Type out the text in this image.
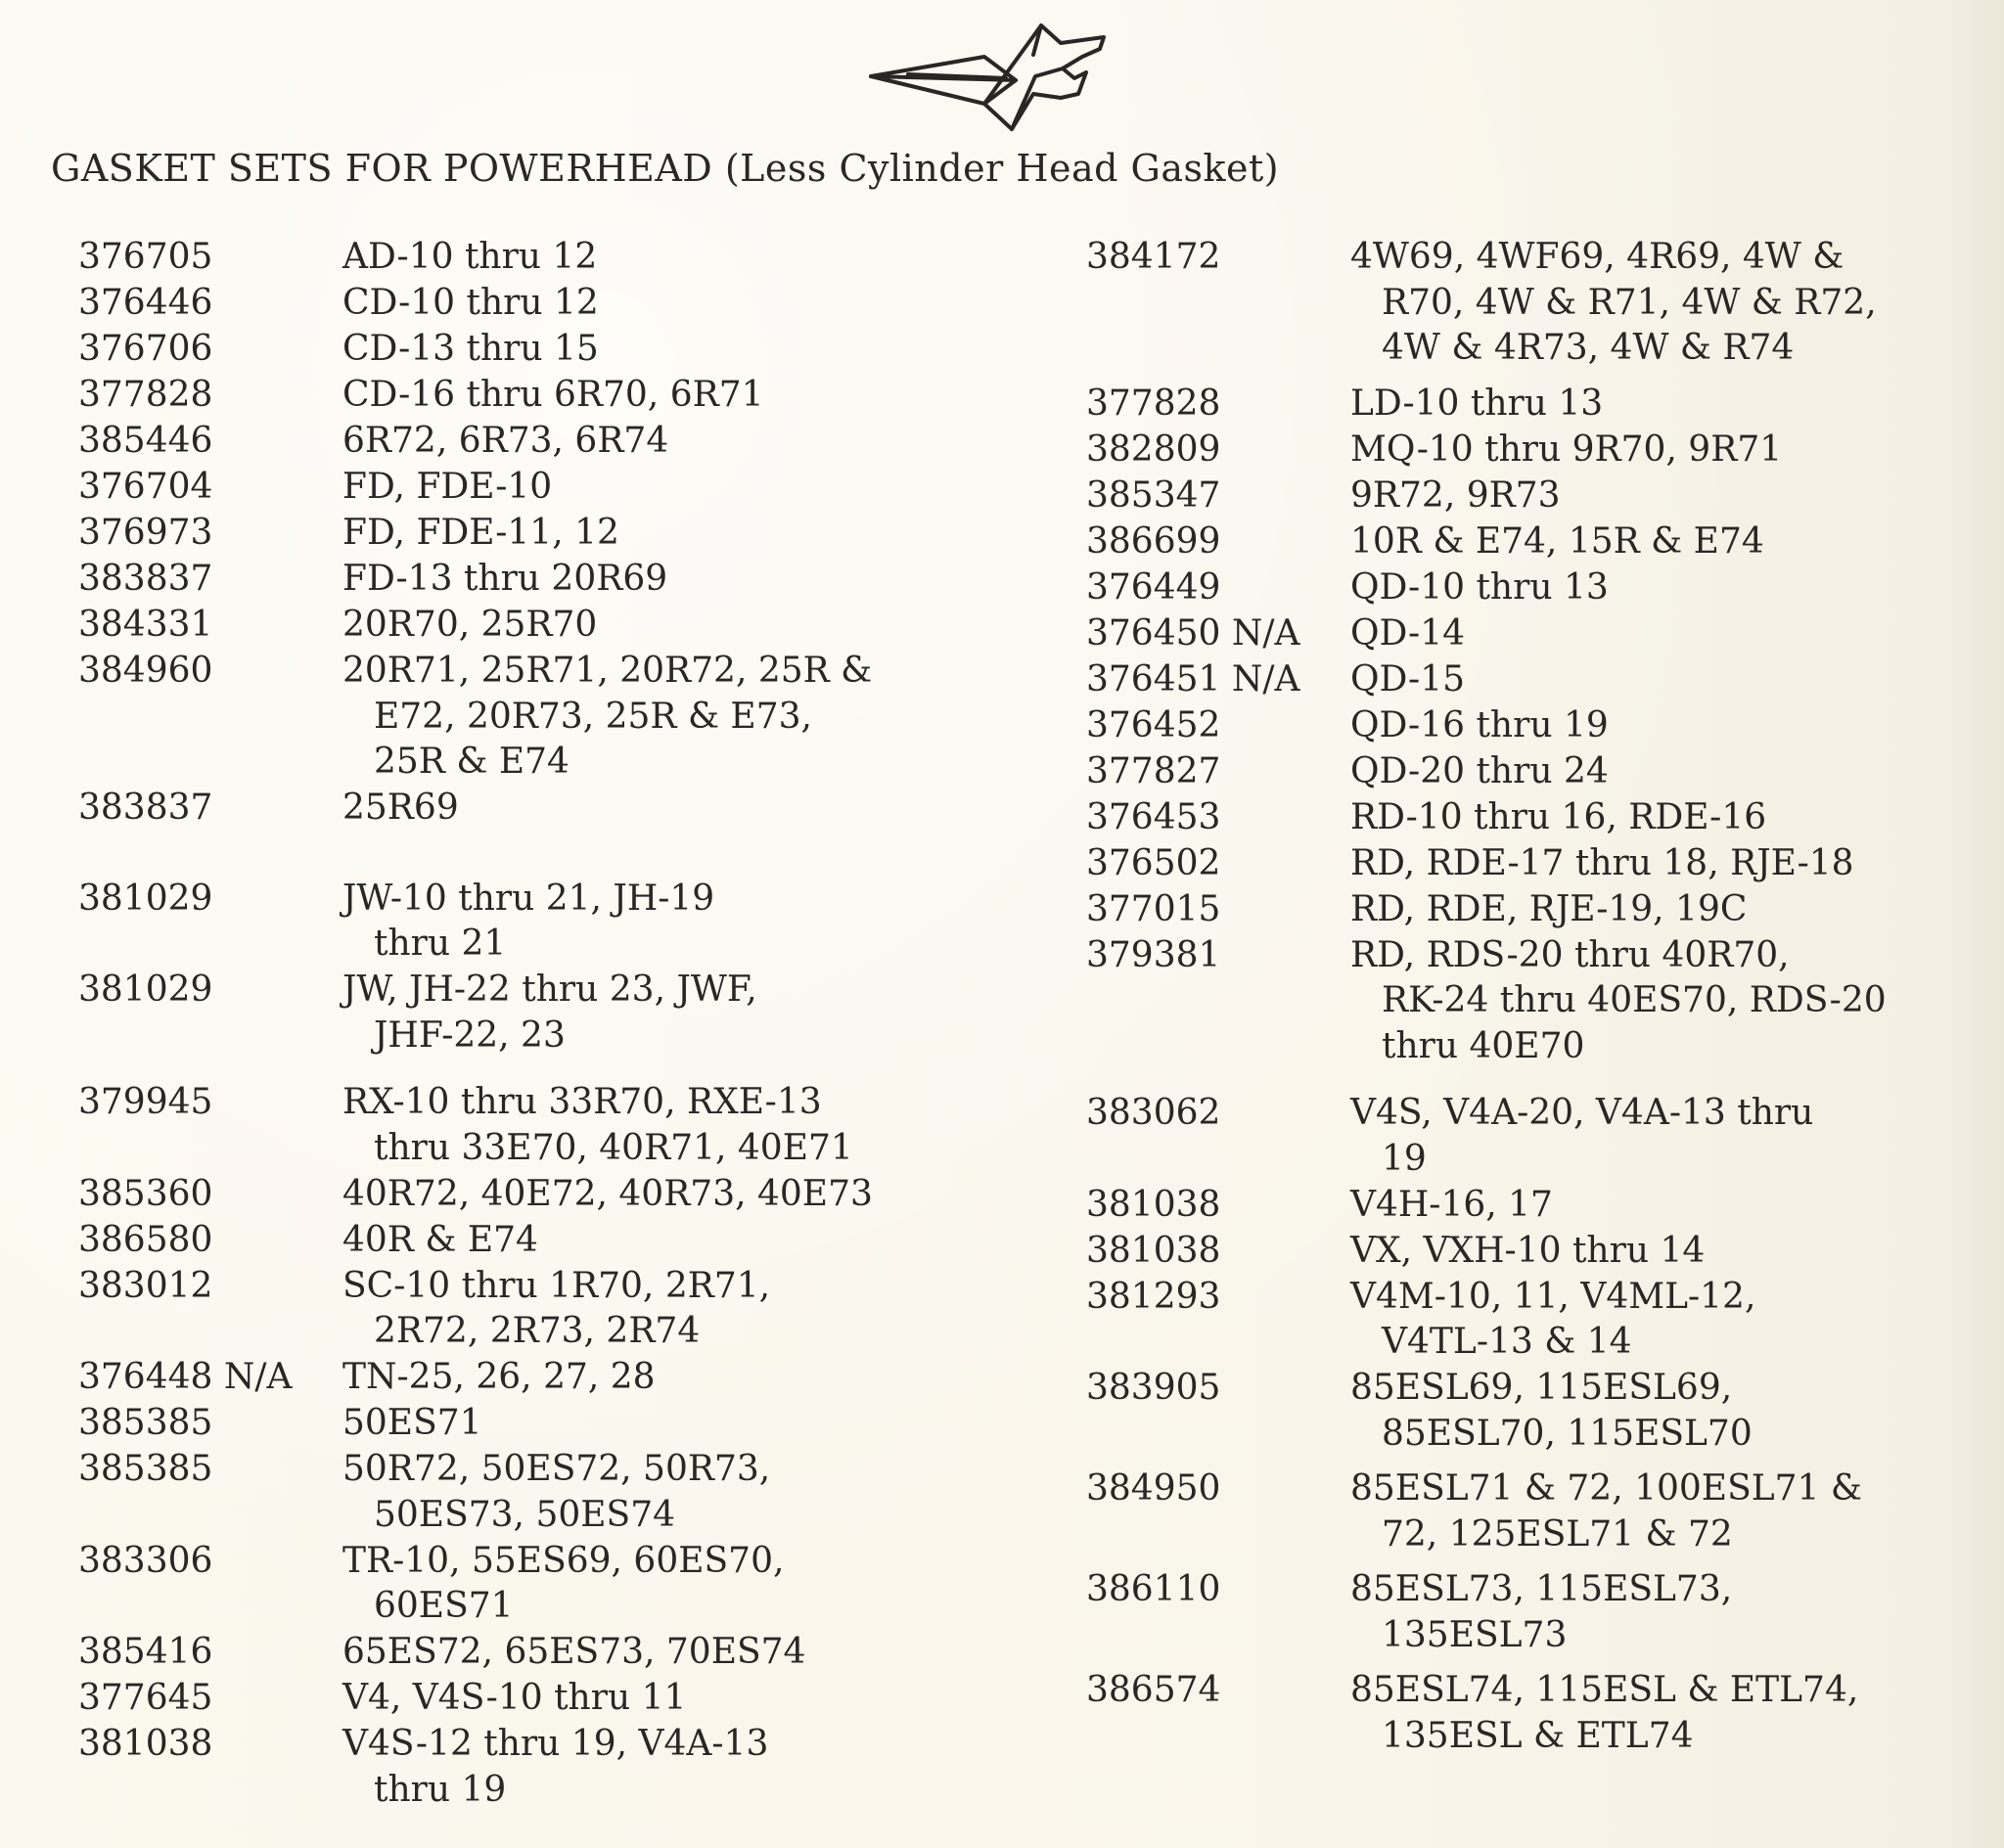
GASKET SETS FOR POWERHEAD (Less Cylinder Head Gasket)
376705	AD-10 thru 12
376446	CD-10 thru 12
376706	CD-13 thru 15
377828	CD-16 thru 6R70, 6R71
385446	6R72, 6R73, 6R74
376704	FD, FDE-10
376973	FD, FDE-11, 12
383837	FD-13 thru 20R69
384331	20R70, 25R70
384960	20R71, 25R71, 20R72, 25R &
E72, 20R73, 25R & E73,
25R & E74
383837	25R69
381029	JW-10 thru 21, JH-19
thru 21
381029	JW, JH-22 thru 23, JWF,
JHF-22, 23
379945	RX-10 thru 33R70, RXE-13
thru 33E70, 40R71, 40E71
385360	40R72, 40E72, 40R73, 40E73
386580	40R & E74
383012	SC-10 thru 1R70, 2R71,
2R72, 2R73, 2R74
376448 N/A	TN-25, 26, 27, 28
385385	50ES71
385385	50R72, 50ES72, 50R73,
50ES73, 50ES74
383306	TR-10, 55ES69, 60ES70,
60ES71
385416	65ES72, 65ES73, 70ES74
377645	V4, V4S-10 thru 11
381038	V4S-12 thru 19, V4A-13
thru 19
384172	4W69, 4WF69, 4R69, 4W &
R70, 4W & R71, 4W & R72,
4W & 4R73, 4W & R74
377828	LD-10 thru 13
382809	MQ-10 thru 9R70, 9R71
385347	9R72, 9R73
386699	10R & E74, 15R & E74
376449	QD-10 thru 13
376450 N/A	QD-14
376451 N/A	QD-15
376452	QD-16 thru 19
377827	QD-20 thru 24
376453	RD-10 thru 16, RDE-16
376502	RD, RDE-17 thru 18, RJE-18
377015	RD, RDE, RJE-19, 19C
379381	RD, RDS-20 thru 40R70,
RK-24 thru 40ES70, RDS-20
thru 40E70
383062	V4S, V4A-20, V4A-13 thru
19
381038	V4H-16, 17
381038	VX, VXH-10 thru 14
381293	V4M-10, 11, V4ML-12,
V4TL-13 & 14
383905	85ESL69, 115ESL69,
85ESL70, 115ESL70
384950	85ESL71 & 72, 100ESL71 &
72, 125ESL71 & 72
386110	85ESL73, 115ESL73,
135ESL73
386574	85ESL74, 115ESL & ETL74,
135ESL & ETL74
